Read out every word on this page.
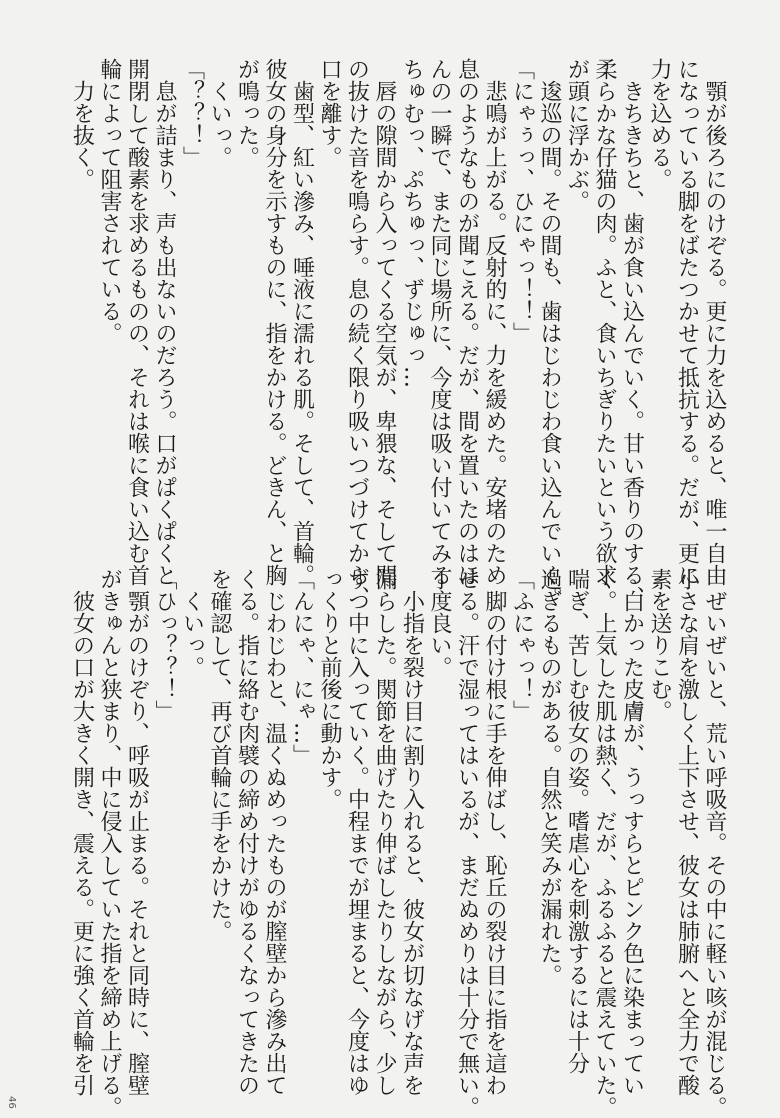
　顎が後ろにのけぞる。更に力を込めると、唯一自由

になっている脚をばたつかせて抵抗する。だが、更に

力を込める。

　きちきちと、歯が食い込んでいく。甘い香りのする、

柔らかな仔猫の肉。ふと、食いちぎりたいという欲求

が頭に浮かぶ。

　逡巡の間。その間も、歯はじわじわ食い込んでいく。

「にゃぅっ、ひにゃっ！！」

　悲鳴が上がる。反射的に、力を緩めた。安堵のため

息のようなものが聞こえる。だが、間を置いたのはほ

んの一瞬で、また同じ場所に、今度は吸い付いてみる

ちゅむっ、ぷちゅっ、ずじゅっ…

　唇の隙間から入ってくる空気が、卑猥な、そして間

の抜けた音を鳴らす。息の続く限り吸いつづけてから、

口を離す。

　歯型、紅い滲み、唾液に濡れる肌。そして、首輪。

彼女の身分を示すものに、指をかける。どきん、と胸

が鳴った。

　くいっ。

「？？！」

　息が詰まり、声も出ないのだろう。口がぱくぱくと

開閉して酸素を求めるものの、それは喉に食い込む首

輪によって阻害されている。

　力を抜く。

　ぜいぜいと、荒い呼吸音。その中に軽い咳が混じる。

小さな肩を激しく上下させ、彼女は肺腑へと全力で酸

素を送りこむ。

　白かった皮膚が、うっすらとピンク色に染まってい

く。上気した肌は熱く、だが、ふるふると震えていた。

喘ぎ、苦しむ彼女の姿。嗜虐心を刺激するには十分

過ぎるものがある。自然と笑みが漏れた。

「ふにゃっ！」

　脚の付け根に手を伸ばし、恥丘の裂け目に指を這わ

せる。汗で湿ってはいるが、まだぬめりは十分で無い。

丁度良い。

　小指を裂け目に割り入れると、彼女が切なげな声を

漏らした。関節を曲げたり伸ばしたりしながら、少し

ずつ中に入っていく。中程までが埋まると、今度はゆ

っくりと前後に動かす。

「んにゃ、にゃ…」

　じわじわと、温くぬめったものが膣壁から滲み出て

くる。指に絡む肉襞の締め付けがゆるくなってきたの

を確認して、再び首輪に手をかけた。

　くいっ。

「ひっ？？！」

　顎がのけぞり、呼吸が止まる。それと同時に、膣壁

がきゅんと狭まり、中に侵入していた指を締め上げる。

　彼女の口が大きく開き、震える。更に強く首輪を引

46
